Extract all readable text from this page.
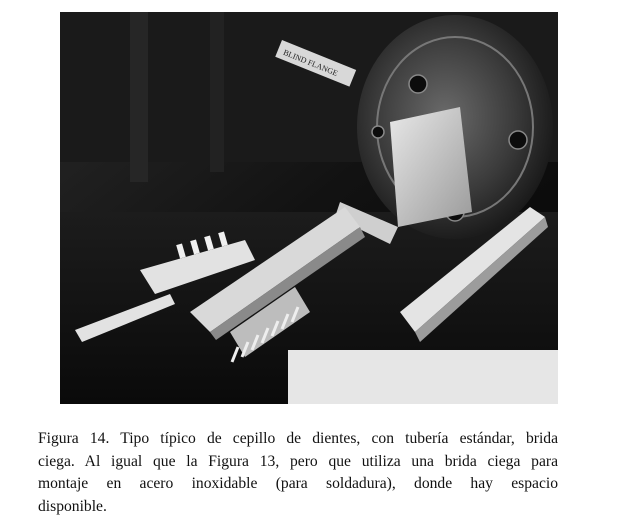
BLIND FLANGE

Figura 14. Tipo típico de cepillo de dientes, con tubería estándar, brida
ciega. Al igual que la Figura 13, pero que utiliza una brida ciega para
montaje en acero inoxidable (para soldadura), donde hay espacio
disponible.
